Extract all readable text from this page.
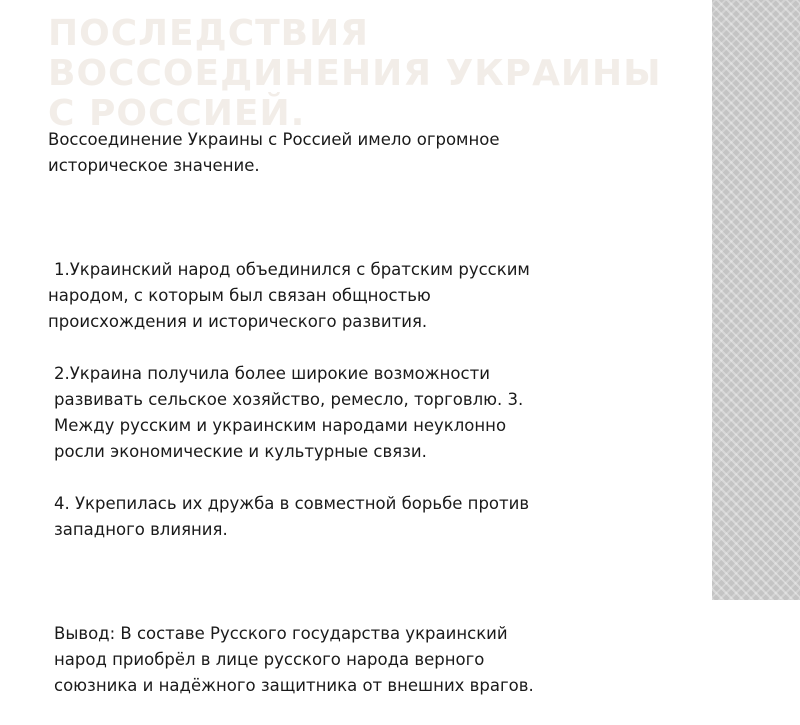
ПОСЛЕДСТВИЯ ВОССОЕДИНЕНИЯ УКРАИНЫ С РОССИЕЙ.

Воссоединение Украины с Россией имело огромное
историческое значение.

1.Украинский народ объединился с братским русским
народом, с которым был связан общностью
происхождения и исторического развития.

2.Украина получила более широкие возможности
развивать сельское хозяйство, ремесло, торговлю. 3.
Между русским и украинским народами неуклонно
росли экономические и культурные связи.

4. Укрепилась их дружба в совместной борьбе против
западного влияния.

Вывод: В составе Русского государства украинский
народ приобрёл в лице русского народа верного
союзника и надёжного защитника от внешних врагов.
